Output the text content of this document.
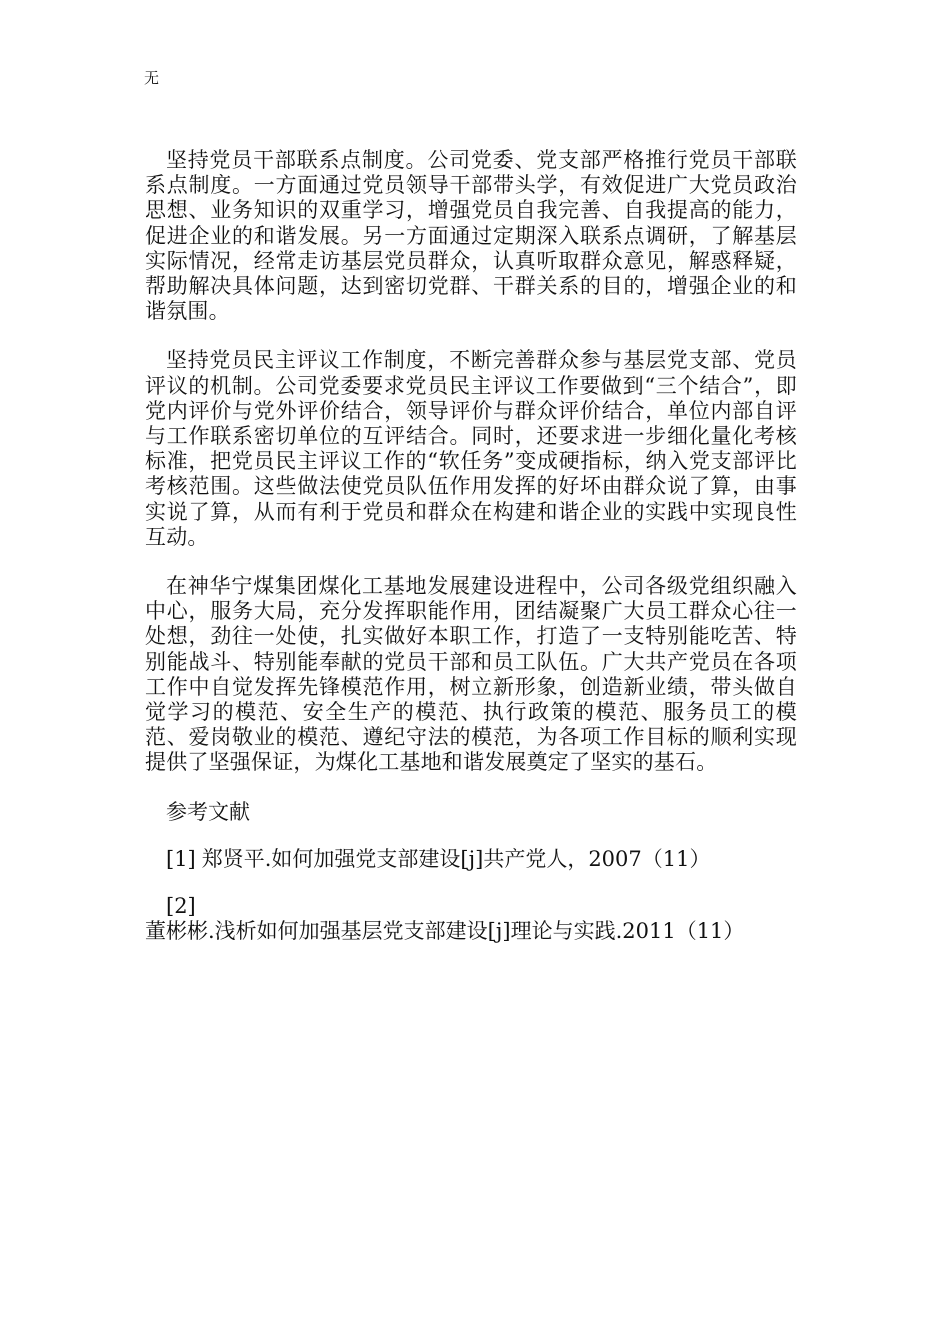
无

坚持党员干部联系点制度。公司党委、党支部严格推行党员干部联系点制度。一方面通过党员领导干部带头学，有效促进广大党员政治思想、业务知识的双重学习，增强党员自我完善、自我提高的能力，促进企业的和谐发展。另一方面通过定期深入联系点调研，了解基层实际情况，经常走访基层党员群众，认真听取群众意见，解惑释疑，帮助解决具体问题，达到密切党群、干群关系的目的，增强企业的和谐氛围。

坚持党员民主评议工作制度，不断完善群众参与基层党支部、党员评议的机制。公司党委要求党员民主评议工作要做到“三个结合”，即党内评价与党外评价结合，领导评价与群众评价结合，单位内部自评与工作联系密切单位的互评结合。同时，还要求进一步细化量化考核标准，把党员民主评议工作的“软任务”变成硬指标，纳入党支部评比考核范围。这些做法使党员队伍作用发挥的好坏由群众说了算，由事实说了算，从而有利于党员和群众在构建和谐企业的实践中实现良性互动。

在神华宁煤集团煤化工基地发展建设进程中，公司各级党组织融入中心，服务大局，充分发挥职能作用，团结凝聚广大员工群众心往一处想，劲往一处使，扎实做好本职工作，打造了一支特别能吃苦、特别能战斗、特别能奉献的党员干部和员工队伍。广大共产党员在各项工作中自觉发挥先锋模范作用，树立新形象，创造新业绩，带头做自觉学习的模范、安全生产的模范、执行政策的模范、服务员工的模范、爱岗敬业的模范、遵纪守法的模范，为各项工作目标的顺利实现提供了坚强保证，为煤化工基地和谐发展奠定了坚实的基石。

参考文献

[1] 郑贤平.如何加强党支部建设[j]共产党人，2007（11）

[2]董彬彬.浅析如何加强基层党支部建设[j]理论与实践.2011（11）
